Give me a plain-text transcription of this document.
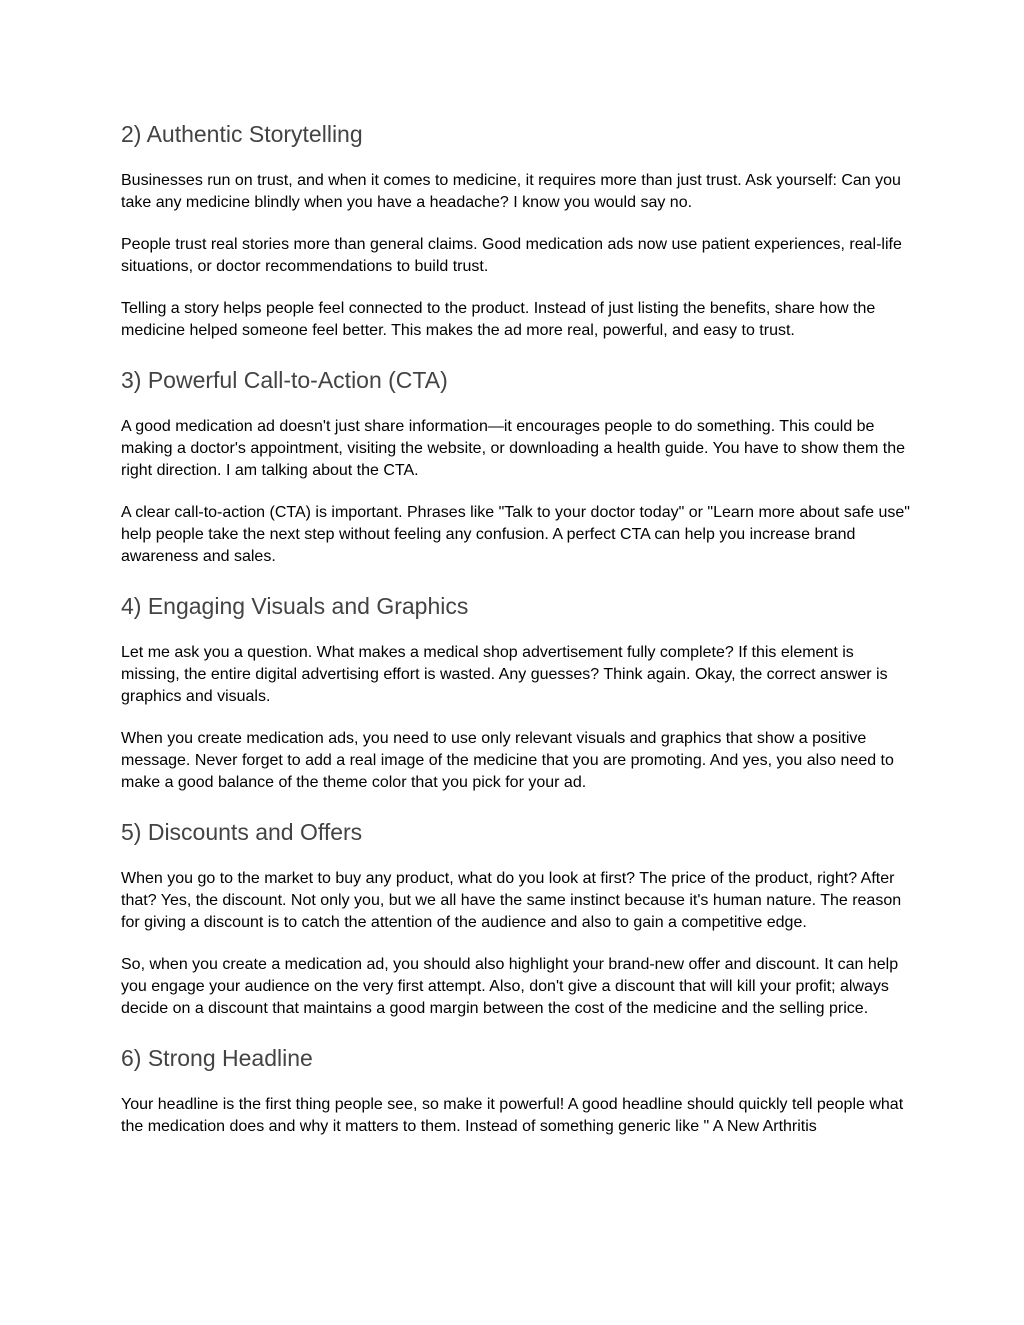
2) Authentic Storytelling

Businesses run on trust, and when it comes to medicine, it requires more than just trust. Ask yourself: Can you take any medicine blindly when you have a headache? I know you would say no.

People trust real stories more than general claims. Good medication ads now use patient experiences, real-life situations, or doctor recommendations to build trust.

Telling a story helps people feel connected to the product. Instead of just listing the benefits, share how the medicine helped someone feel better. This makes the ad more real, powerful, and easy to trust.

3) Powerful Call-to-Action (CTA)

A good medication ad doesn't just share information—it encourages people to do something. This could be making a doctor's appointment, visiting the website, or downloading a health guide. You have to show them the right direction. I am talking about the CTA.

A clear call-to-action (CTA) is important. Phrases like "Talk to your doctor today" or "Learn more about safe use" help people take the next step without feeling any confusion. A perfect CTA can help you increase brand awareness and sales.

4) Engaging Visuals and Graphics

Let me ask you a question. What makes a medical shop advertisement fully complete? If this element is missing, the entire digital advertising effort is wasted. Any guesses? Think again. Okay, the correct answer is graphics and visuals.

When you create medication ads, you need to use only relevant visuals and graphics that show a positive message. Never forget to add a real image of the medicine that you are promoting. And yes, you also need to make a good balance of the theme color that you pick for your ad.

5) Discounts and Offers

When you go to the market to buy any product, what do you look at first? The price of the product, right? After that? Yes, the discount. Not only you, but we all have the same instinct because it's human nature. The reason for giving a discount is to catch the attention of the audience and also to gain a competitive edge.

So, when you create a medication ad, you should also highlight your brand-new offer and discount. It can help you engage your audience on the very first attempt. Also, don't give a discount that will kill your profit; always decide on a discount that maintains a good margin between the cost of the medicine and the selling price.

6) Strong Headline

Your headline is the first thing people see, so make it powerful! A good headline should quickly tell people what the medication does and why it matters to them. Instead of something generic like " A New Arthritis
